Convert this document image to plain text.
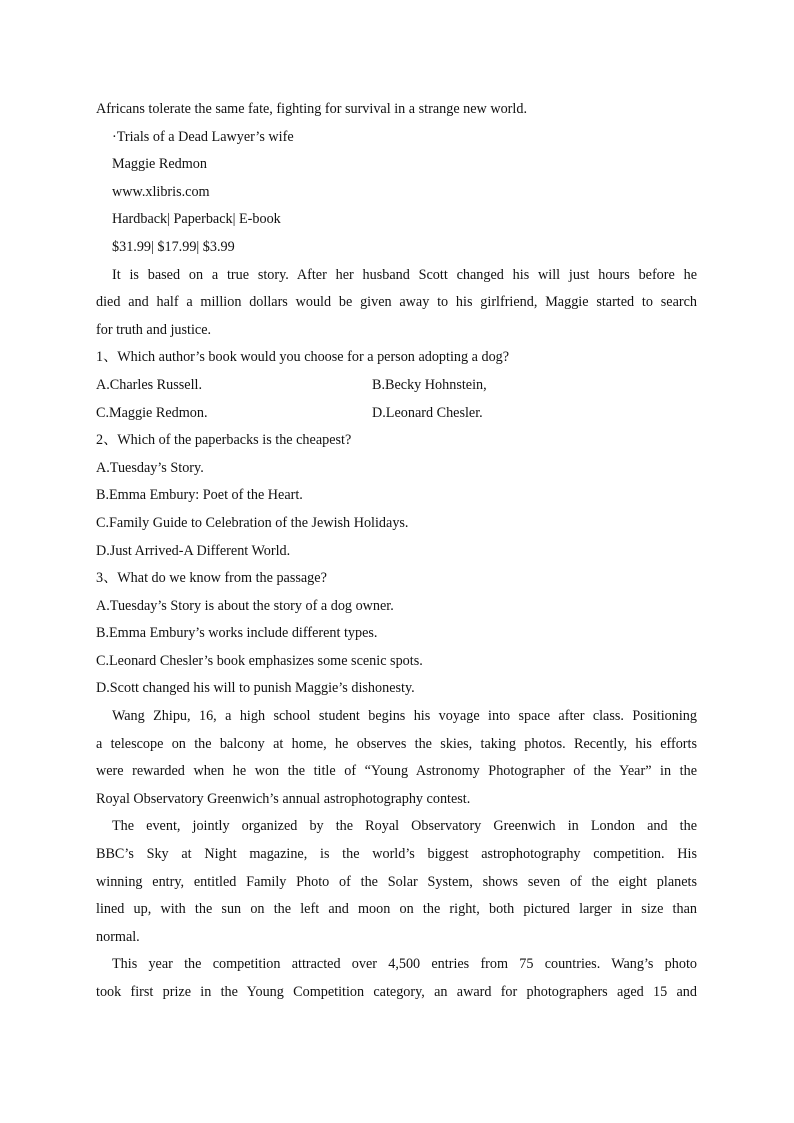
Africans tolerate the same fate, fighting for survival in a strange new world.
·Trials of a Dead Lawyer’s wife
Maggie Redmon
www.xlibris.com
Hardback| Paperback| E-book
$31.99| $17.99| $3.99
It is based on a true story. After her husband Scott changed his will just hours before he
died and half a million dollars would be given away to his girlfriend, Maggie started to search
for truth and justice.
1、Which author’s book would you choose for a person adopting a dog?
A.Charles Russell.	B.Becky Hohnstein,
C.Maggie Redmon.	D.Leonard Chesler.
2、Which of the paperbacks is the cheapest?
A.Tuesday’s Story.
B.Emma Embury: Poet of the Heart.
C.Family Guide to Celebration of the Jewish Holidays.
D.Just Arrived-A Different World.
3、What do we know from the passage?
A.Tuesday’s Story is about the story of a dog owner.
B.Emma Embury’s works include different types.
C.Leonard Chesler’s book emphasizes some scenic spots.
D.Scott changed his will to punish Maggie’s dishonesty.
Wang Zhipu, 16, a high school student begins his voyage into space after class. Positioning
a telescope on the balcony at home, he observes the skies, taking photos. Recently, his efforts
were rewarded when he won the title of “Young Astronomy Photographer of the Year” in the
Royal Observatory Greenwich’s annual astrophotography contest.
The event, jointly organized by the Royal Observatory Greenwich in London and the
BBC’s Sky at Night magazine, is the world’s biggest astrophotography competition. His
winning entry, entitled Family Photo of the Solar System, shows seven of the eight planets
lined up, with the sun on the left and moon on the right, both pictured larger in size than
normal.
This year the competition attracted over 4,500 entries from 75 countries. Wang’s photo
took first prize in the Young Competition category, an award for photographers aged 15 and
